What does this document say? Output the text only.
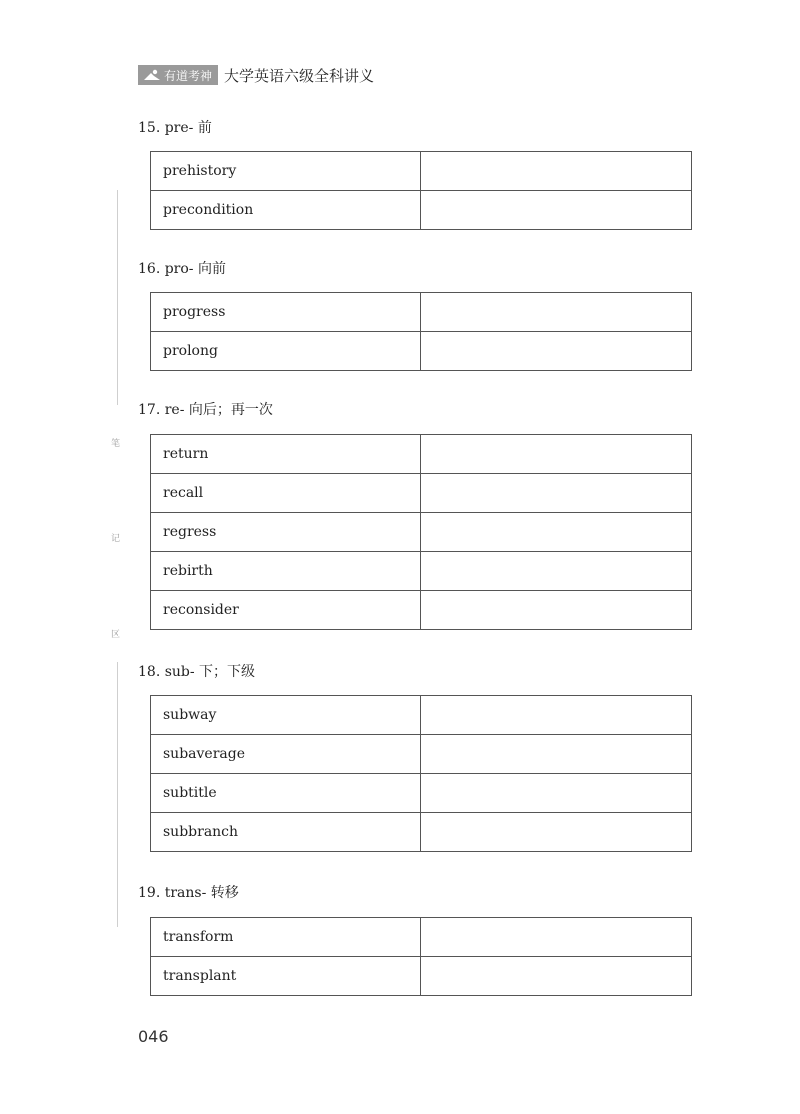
有道考神 大学英语六级全科讲义
笔
记
区
15. pre- 前
prehistory	
precondition	
16. pro- 向前
progress	
prolong	
17. re- 向后；再一次
return	
recall	
regress	
rebirth	
reconsider	
18. sub- 下；下级
subway	
subaverage	
subtitle	
subbranch	
19. trans- 转移
transform	
transplant	
046
